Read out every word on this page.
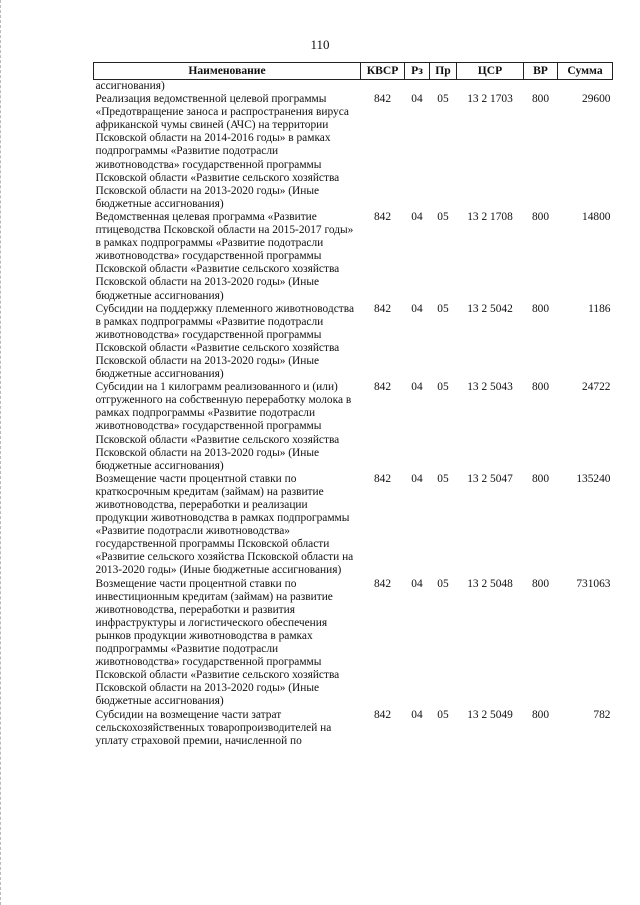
110
Наименование	КВСР	Рз	Пр	ЦСР	ВР	Сумма
ассигнования)						
Реализация ведомственной целевой программы «Предотвращение заноса и распространения вируса африканской чумы свиней (АЧС) на территории Псковской области на 2014-2016 годы» в рамках подпрограммы «Развитие подотрасли животноводства» государственной программы Псковской области «Развитие сельского хозяйства Псковской области на 2013-2020 годы» (Иные бюджетные ассигнования)	842	04	05	13 2 1703	800	29600
Ведомственная целевая программа «Развитие птицеводства Псковской области на 2015-2017 годы» в рамках подпрограммы «Развитие подотрасли животноводства» государственной программы Псковской области «Развитие сельского хозяйства Псковской области на 2013-2020 годы» (Иные бюджетные ассигнования)	842	04	05	13 2 1708	800	14800
Субсидии на поддержку племенного животноводства в рамках подпрограммы «Развитие подотрасли животноводства» государственной программы Псковской области «Развитие сельского хозяйства Псковской области на 2013-2020 годы» (Иные бюджетные ассигнования)	842	04	05	13 2 5042	800	1186
Субсидии на 1 килограмм реализованного и (или) отгруженного на собственную переработку молока в рамках подпрограммы «Развитие подотрасли животноводства» государственной программы Псковской области «Развитие сельского хозяйства Псковской области на 2013-2020 годы» (Иные бюджетные ассигнования)	842	04	05	13 2 5043	800	24722
Возмещение части процентной ставки по краткосрочным кредитам (займам) на развитие животноводства, переработки и реализации продукции животноводства в рамках подпрограммы «Развитие подотрасли животноводства» государственной программы Псковской области «Развитие сельского хозяйства Псковской области на 2013-2020 годы» (Иные бюджетные ассигнования)	842	04	05	13 2 5047	800	135240
Возмещение части процентной ставки по инвестиционным кредитам (займам) на развитие животноводства, переработки и развития инфраструктуры и логистического обеспечения рынков продукции животноводства в рамках подпрограммы «Развитие подотрасли животноводства» государственной программы Псковской области «Развитие сельского хозяйства Псковской области на 2013-2020 годы» (Иные бюджетные ассигнования)	842	04	05	13 2 5048	800	731063
Субсидии на возмещение части затрат сельскохозяйственных товаропроизводителей на уплату страховой премии, начисленной по	842	04	05	13 2 5049	800	782
